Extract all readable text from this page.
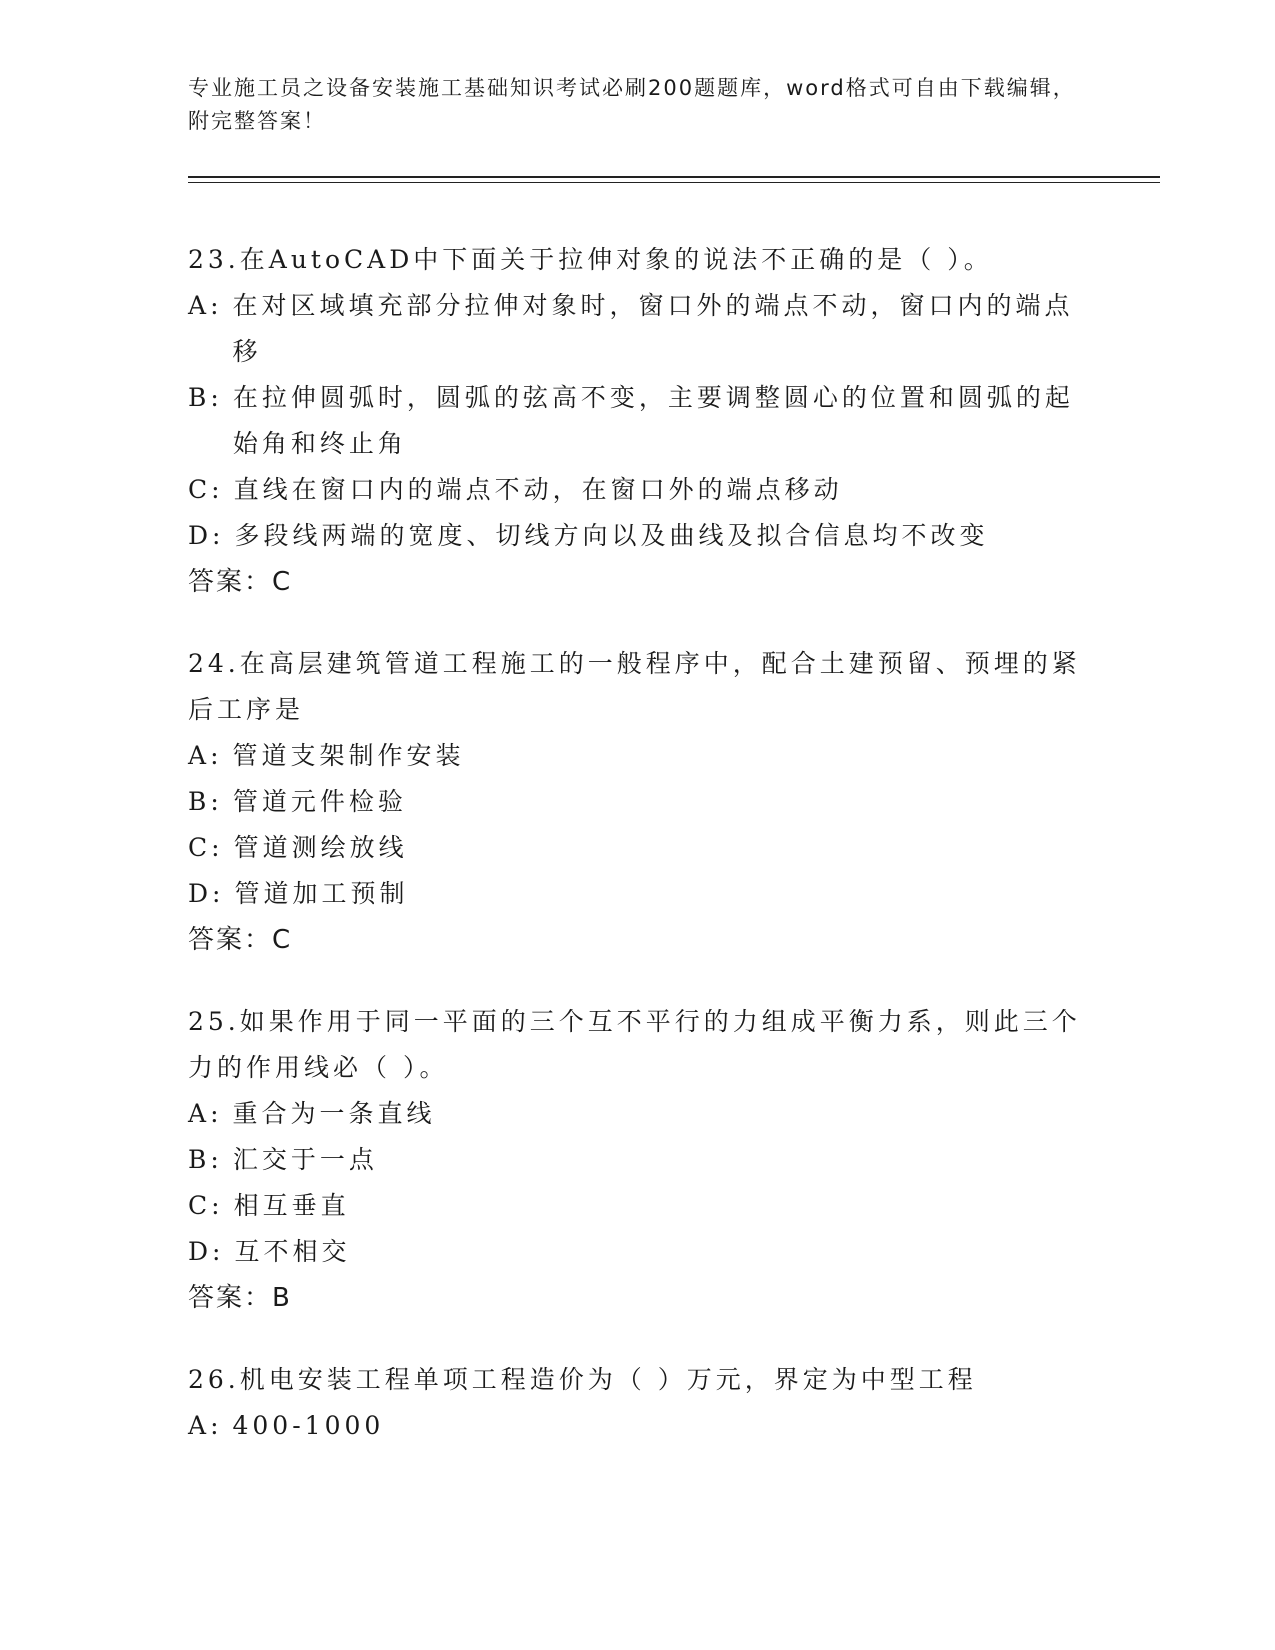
专业施工员之设备安装施工基础知识考试必刷200题题库，word格式可自由下载编辑，附完整答案！
23.在AutoCAD中下面关于拉伸对象的说法不正确的是（ ）。
A : 在对区域填充部分拉伸对象时，窗口外的端点不动，窗口内的端点移
B : 在拉伸圆弧时，圆弧的弦高不变，主要调整圆心的位置和圆弧的起始角和终止角
C : 直线在窗口内的端点不动，在窗口外的端点移动
D : 多段线两端的宽度、切线方向以及曲线及拟合信息均不改变
答案：C
24.在高层建筑管道工程施工的一般程序中，配合土建预留、预埋的紧后工序是
A : 管道支架制作安装
B : 管道元件检验
C : 管道测绘放线
D : 管道加工预制
答案：C
25.如果作用于同一平面的三个互不平行的力组成平衡力系，则此三个力的作用线必（ ）。
A : 重合为一条直线
B : 汇交于一点
C : 相互垂直
D : 互不相交
答案：B
26.机电安装工程单项工程造价为（ ）万元，界定为中型工程
A : 400-1000
